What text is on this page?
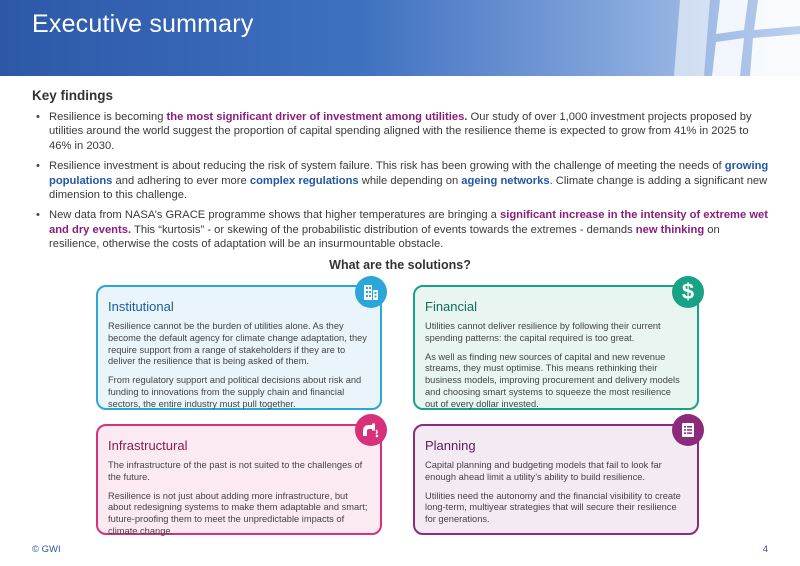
Executive summary
Key findings
• Resilience is becoming the most significant driver of investment among utilities. Our study of over 1,000 investment projects proposed by utilities around the world suggest the proportion of capital spending aligned with the resilience theme is expected to grow from 41% in 2025 to 46% in 2030.
• Resilience investment is about reducing the risk of system failure. This risk has been growing with the challenge of meeting the needs of growing populations and adhering to ever more complex regulations while depending on ageing networks. Climate change is adding a significant new dimension to this challenge.
• New data from NASA’s GRACE programme shows that higher temperatures are bringing a significant increase in the intensity of extreme wet and dry events. This “kurtosis” - or skewing of the probabilistic distribution of events towards the extremes - demands new thinking on resilience, otherwise the costs of adaptation will be an insurmountable obstacle.
What are the solutions?
Institutional

Resilience cannot be the burden of utilities alone. As they become the default agency for climate change adaptation, they require support from a range of stakeholders if they are to deliver the resilience that is being asked of them.

From regulatory support and political decisions about risk and funding to innovations from the supply chain and financial sectors, the entire industry must pull together.

Financial

Utilities cannot deliver resilience by following their current spending patterns: the capital required is too great.

As well as finding new sources of capital and new revenue streams, they must optimise. This means rethinking their business models, improving procurement and delivery models and choosing smart systems to squeeze the most resilience out of every dollar invested.

$
Infrastructural

The infrastructure of the past is not suited to the challenges of the future.

Resilience is not just about adding more infrastructure, but about redesigning systems to make them adaptable and smart; future-proofing them to meet the unpredictable impacts of climate change.

Planning

Capital planning and budgeting models that fail to look far enough ahead limit a utility’s ability to build resilience.

Utilities need the autonomy and the financial visibility to create long-term, multiyear strategies that will secure their resilience for generations.

© GWI	4
